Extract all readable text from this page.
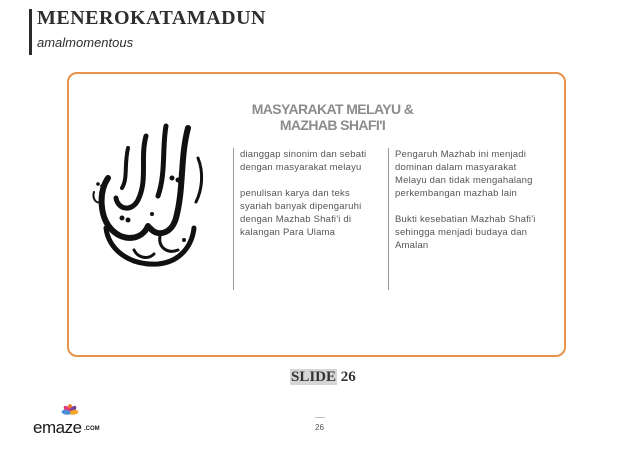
MENEROKATAMADUN
amalmomentous
MASYARAKAT MELAYU &
MAZHAB SHAFI'I

dianggap sinonim dan sebati dengan masyarakat melayu

penulisan karya dan teks syariah banyak dipengaruhi dengan Mazhab Shafi'i di kalangan Para Ulama

Pengaruh Mazhab ini menjadi dominan dalam masyarakat Melayu dan tidak mengahalang perkembangan mazhab lain

Bukti kesebatian Mazhab Shafi'i sehingga menjadi budaya dan Amalan

SLIDE 26
26
emaze .COM
